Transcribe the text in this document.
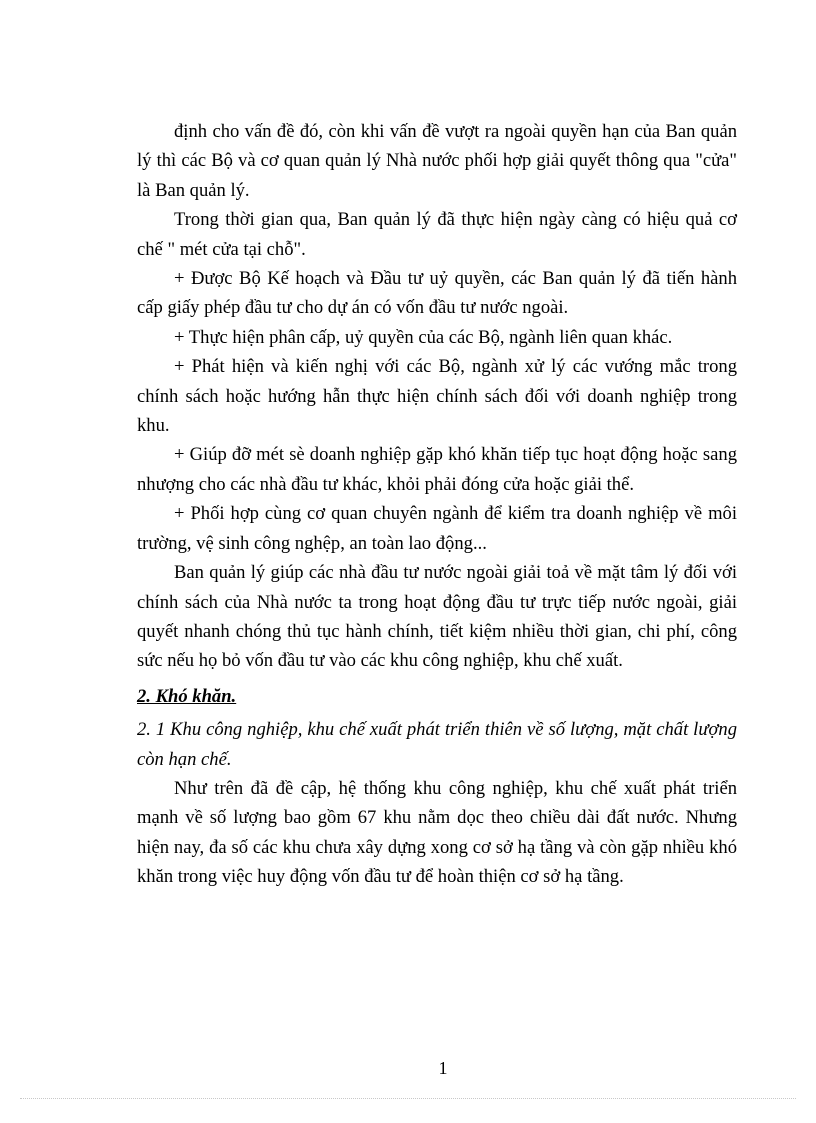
định cho vấn đề đó, còn khi vấn đề vượt ra ngoài quyền hạn của Ban quản lý thì các Bộ và cơ quan quản lý Nhà nước phối hợp giải quyết thông qua "cửa" là Ban quản lý.

Trong thời gian qua, Ban quản lý đã thực hiện ngày càng có hiệu quả cơ chế " mét cửa tại chỗ".

+ Được Bộ Kế hoạch và Đầu tư uỷ quyền, các Ban quản lý đã tiến hành cấp giấy phép đầu tư cho dự án có vốn đầu tư nước ngoài.

+ Thực hiện phân cấp, uỷ quyền của các Bộ, ngành liên quan khác.

+ Phát hiện và kiến nghị với các Bộ, ngành xử lý các vướng mắc trong chính sách hoặc hướng hẫn thực hiện chính sách đối với doanh nghiệp trong khu.

+ Giúp đỡ mét sè doanh nghiệp gặp khó khăn tiếp tục hoạt động hoặc sang nhượng cho các nhà đầu tư khác, khỏi phải đóng cửa hoặc giải thể.

+ Phối hợp cùng cơ quan chuyên ngành để kiểm tra doanh nghiệp về môi trường, vệ sinh công nghệp, an toàn lao động...

Ban quản lý giúp các nhà đầu tư nước ngoài giải toả về mặt tâm lý đối với chính sách của Nhà nước ta trong hoạt động đầu tư trực tiếp nước ngoài, giải quyết nhanh chóng thủ tục hành chính, tiết kiệm nhiều thời gian, chi phí, công sức nếu họ bỏ vốn đầu tư vào các khu công nghiệp, khu chế xuất.

2. Khó khăn.
2. 1 Khu công nghiệp, khu chế xuất phát triển thiên về số lượng, mặt chất lượng còn hạn chế.

Như trên đã đề cập, hệ thống khu công nghiệp, khu chế xuất phát triển mạnh về số lượng bao gồm 67 khu nằm dọc theo chiều dài đất nước. Nhưng hiện nay, đa số các khu chưa xây dựng xong cơ sở hạ tầng và còn gặp nhiều khó khăn trong việc huy động vốn đầu tư để hoàn thiện cơ sở hạ tầng.

1
